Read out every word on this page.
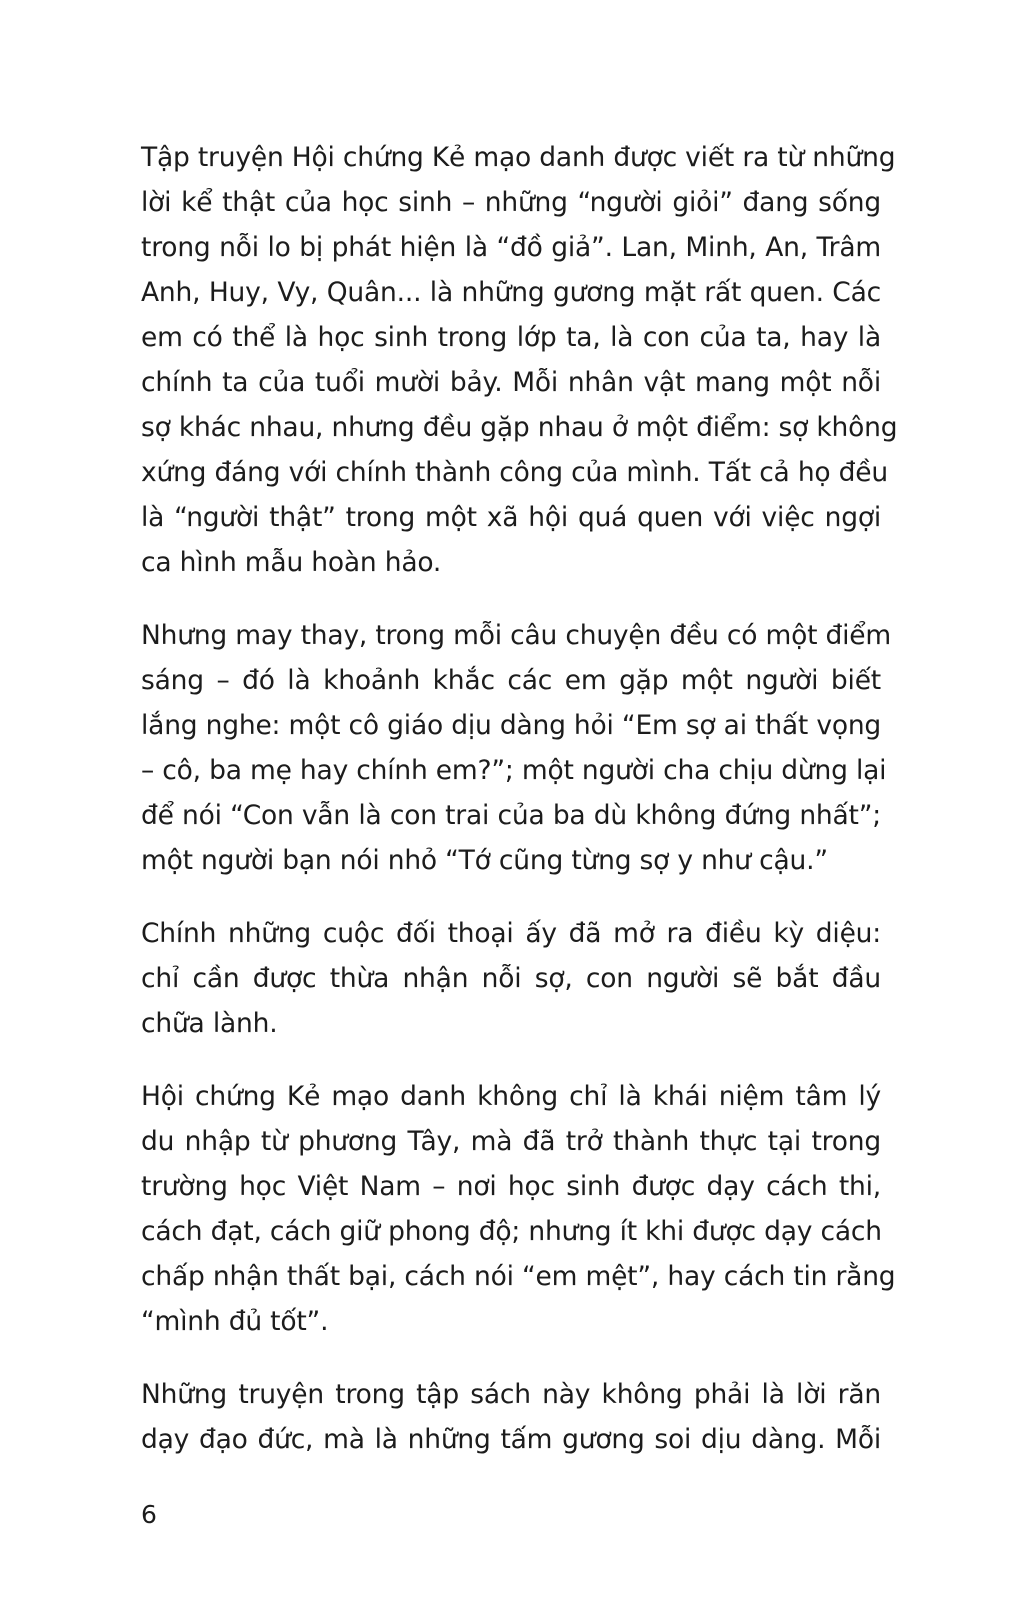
Tập truyện Hội chứng Kẻ mạo danh được viết ra từ những
lời kể thật của học sinh – những “người giỏi” đang sống
trong nỗi lo bị phát hiện là “đồ giả”. Lan, Minh, An, Trâm
Anh, Huy, Vy, Quân... là những gương mặt rất quen. Các
em có thể là học sinh trong lớp ta, là con của ta, hay là
chính ta của tuổi mười bảy. Mỗi nhân vật mang một nỗi
sợ khác nhau, nhưng đều gặp nhau ở một điểm: sợ không
xứng đáng với chính thành công của mình. Tất cả họ đều
là “người thật” trong một xã hội quá quen với việc ngợi
ca hình mẫu hoàn hảo.

Nhưng may thay, trong mỗi câu chuyện đều có một điểm
sáng – đó là khoảnh khắc các em gặp một người biết
lắng nghe: một cô giáo dịu dàng hỏi “Em sợ ai thất vọng
– cô, ba mẹ hay chính em?”; một người cha chịu dừng lại
để nói “Con vẫn là con trai của ba dù không đứng nhất”;
một người bạn nói nhỏ “Tớ cũng từng sợ y như cậu.”

Chính những cuộc đối thoại ấy đã mở ra điều kỳ diệu:
chỉ cần được thừa nhận nỗi sợ, con người sẽ bắt đầu
chữa lành.

Hội chứng Kẻ mạo danh không chỉ là khái niệm tâm lý
du nhập từ phương Tây, mà đã trở thành thực tại trong
trường học Việt Nam – nơi học sinh được dạy cách thi,
cách đạt, cách giữ phong độ; nhưng ít khi được dạy cách
chấp nhận thất bại, cách nói “em mệt”, hay cách tin rằng
“mình đủ tốt”.

Những truyện trong tập sách này không phải là lời răn
dạy đạo đức, mà là những tấm gương soi dịu dàng. Mỗi

6
